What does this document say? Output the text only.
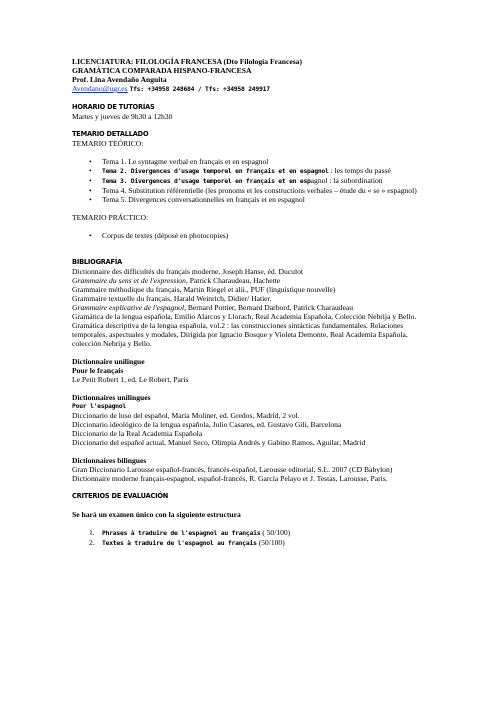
LICENCIATURA: FILOLOGÍA FRANCESA (Dto Filología Francesa)
GRAMÁTICA COMPARADA HISPANO-FRANCESA
Prof. Lina Avendaño Anguita
Avendano@ugr.es Tfs: +34958 248684 / Tfs: +34958 249917
HORARIO DE TUTORÍAS
Martes y jueves de 9h30 a 12h30
TEMARIO DETALLADO
TEMARIO TEÓRICO:
• Tema 1. Le syntagme verbal en français et en espagnol
• Tema 2. Divergences d'usage temporel en français et en espagnol : les temps du passé
• Tema 3. Divergences d'usage temporel en français et en espagnol : la subordination
• Tema 4. Substitution référentielle (les pronoms et les constructions verbales – étude du « se » espagnol)
• Tema 5. Divergences conversationnelles en français et en espagnol
TEMARIO PRÁCTICO:
• Corpus de textes (déposé en photocopies)
BIBLIOGRAFÍA
Dictionnaire des difficultés du français moderne, Joseph Hanse, éd. Duculot
Grammaire du sens et de l'expression, Patrick Charaudeau, Hachette
Grammaire méthodique du français, Martin Riegel et alii., PUF (linguistique nouvelle)
Grammaire textuelle du français, Harald Weinrich, Didier/ Hatier.
Grammaire explicative de l'espagnol, Bernard Pottier, Bernard Darbord, Patrick Charaudeau
Gramática de la lengua española, Emilio Alarcos y Llorach, Real Academia Española, Colección Nebrija y Bello.
Gramática descriptiva de la lengua española, vol.2 : las construcciones sintácticas fundamentales. Relaciones temporales, aspectuales y modales, Dirigida por Ignacio Bosque y Violeta Demonte, Real Academia Española, colección Nebrija y Bello.
Dictionnaire unilingue
Pour le français
Le Petit Robert 1, ed. Le Robert, Paris
Dictionnaires unilingues
Pour l'espagnol
Diccionario de luso del español, María Moliner, ed. Gredos, Madrid, 2 vol.
Diccionario ideológico de la lengua española, Julio Casares, ed. Gustavo Gili, Barcelona
Diccionario de la Real Academia Española
Diccionario del español actual, Manuel Seco, Olimpia Andrés y Gabino Ramos, Aguilar, Madrid
Dictionnaires bilingues
Gran Diccionario Larousse español-francés, francés-español, Larousse editorial, S.L. 2007 (CD Babylon)
Dictionnaire moderne français-espagnol, español-francés, R. García Pelayo et J. Testas, Larousse, Paris.
CRITERIOS DE EVALUACIÓN
Se hará un examen único con la siguiente estructura
1. Phrases à traduire de l'espagnol au français ( 50/100)
2. Textes à traduire de l'espagnol au français (50/100)
